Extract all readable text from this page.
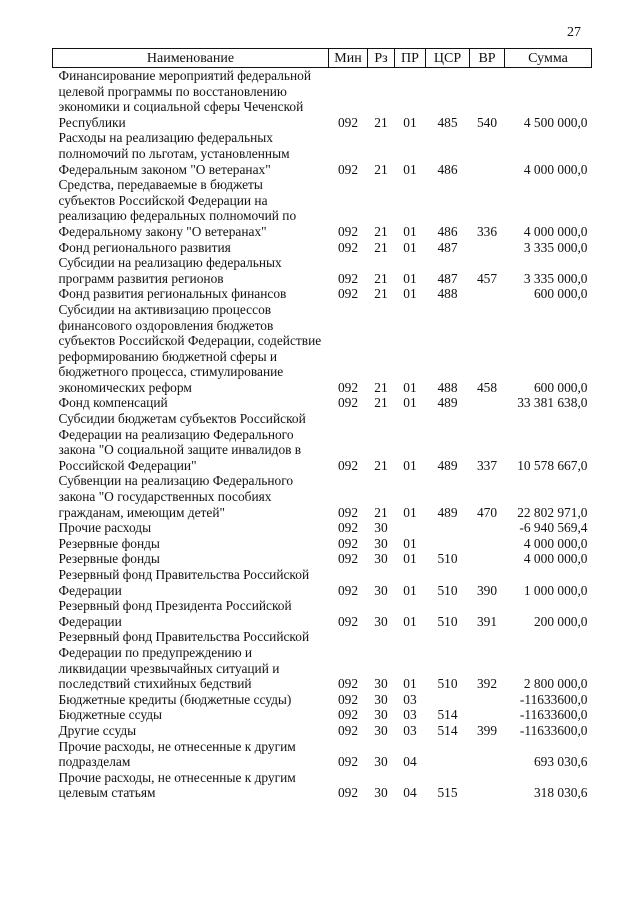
27
Наименование	Мин	Рз	ПР	ЦСР	ВР	Сумма
Финансирование мероприятий федеральной целевой программы по восстановлению экономики и социальной сферы Чеченской Республики	092	21	01	485	540	4 500 000,0
Расходы на реализацию федеральных полномочий по льготам, установленным Федеральным законом "О ветеранах"	092	21	01	486		4 000 000,0
Средства, передаваемые в бюджеты субъектов Российской Федерации на реализацию федеральных полномочий по Федеральному закону "О ветеранах"	092	21	01	486	336	4 000 000,0
Фонд регионального развития	092	21	01	487		3 335 000,0
Субсидии на реализацию федеральных программ развития регионов	092	21	01	487	457	3 335 000,0
Фонд развития региональных финансов	092	21	01	488		600 000,0
Субсидии на активизацию процессов финансового оздоровления бюджетов субъектов Российской Федерации, содействие реформированию бюджетной сферы и бюджетного процесса, стимулирование экономических реформ	092	21	01	488	458	600 000,0
Фонд компенсаций	092	21	01	489		33 381 638,0
Субсидии бюджетам субъектов Российской Федерации на реализацию Федерального закона "О социальной защите инвалидов в Российской Федерации"	092	21	01	489	337	10 578 667,0
Субвенции на реализацию Федерального закона "О государственных пособиях гражданам, имеющим детей"	092	21	01	489	470	22 802 971,0
Прочие расходы	092	30				-6 940 569,4
Резервные фонды	092	30	01			4 000 000,0
Резервные фонды	092	30	01	510		4 000 000,0
Резервный фонд Правительства Российской Федерации	092	30	01	510	390	1 000 000,0
Резервный фонд Президента Российской Федерации	092	30	01	510	391	200 000,0
Резервный фонд Правительства Российской Федерации по предупреждению и ликвидации чрезвычайных ситуаций и последствий стихийных бедствий	092	30	01	510	392	2 800 000,0
Бюджетные кредиты (бюджетные ссуды)	092	30	03			-11633600,0
Бюджетные ссуды	092	30	03	514		-11633600,0
Другие ссуды	092	30	03	514	399	-11633600,0
Прочие расходы, не отнесенные к другим подразделам	092	30	04			693 030,6
Прочие расходы, не отнесенные к другим целевым статьям	092	30	04	515		318 030,6
